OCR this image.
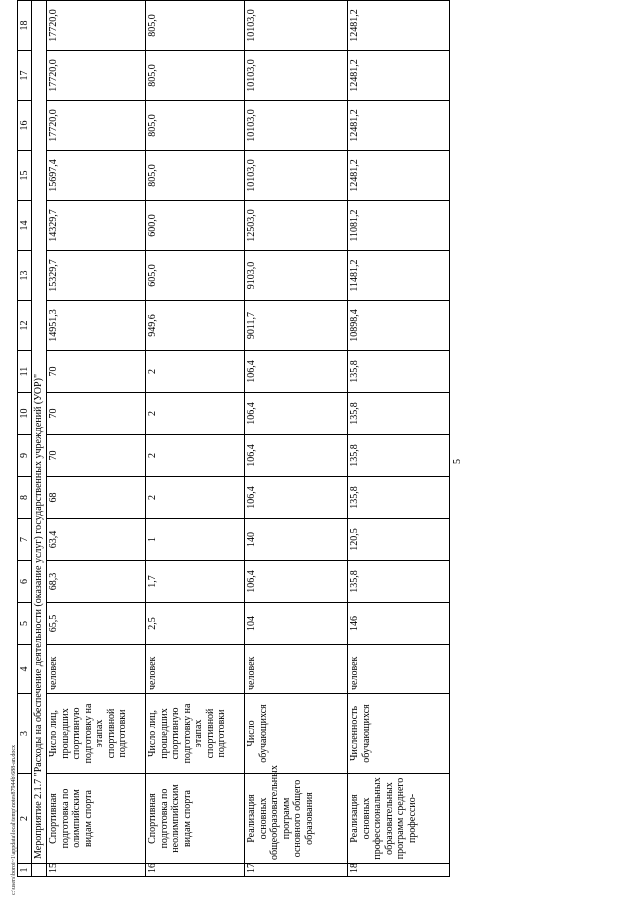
5
c:\users\boroi~1\appdata\local\temp\notes87944b\688-an.docx 1	2	3	4	5	6	7	8	9	10	11	12	13	14	15	16	17	18
	Мероприятие 2.1.7 "Расходы на обеспечение деятельности (оказание услуг) государственных учреждений (УОР)"																
15	Спортивная подготовка по олимпийским видам спорта	Число лиц, прошедших спортивную подготовку на этапах спортивной подготовки	человек	65,5	68,3	63,4	68	70	70	70	14951,3	15329,7	14329,7	15697,4	17720,0	17720,0	17720,0
16	Спортивная подготовка по неолимпийским видам спорта	Число лиц, прошедших спортивную подготовку на этапах спортивной подготовки	человек	2,5	1,7	1	2	2	2	2	949,6	605,0	600,0	805,0	805,0	805,0	805,0
17	Реализация основных общеобразовательных программ основного общего образования	Число обучающихся	человек	104	106,4	140	106,4	106,4	106,4	106,4	9011,7	9103,0	12503,0	10103,0	10103,0	10103,0	10103,0
18	Реализация основных профессиональных образовательных программ среднего профессио-	Численность обучающихся	человек	146	135,8	120,5	135,8	135,8	135,8	135,8	10898,4	11481,2	11081,2	12481,2	12481,2	12481,2	12481,2
